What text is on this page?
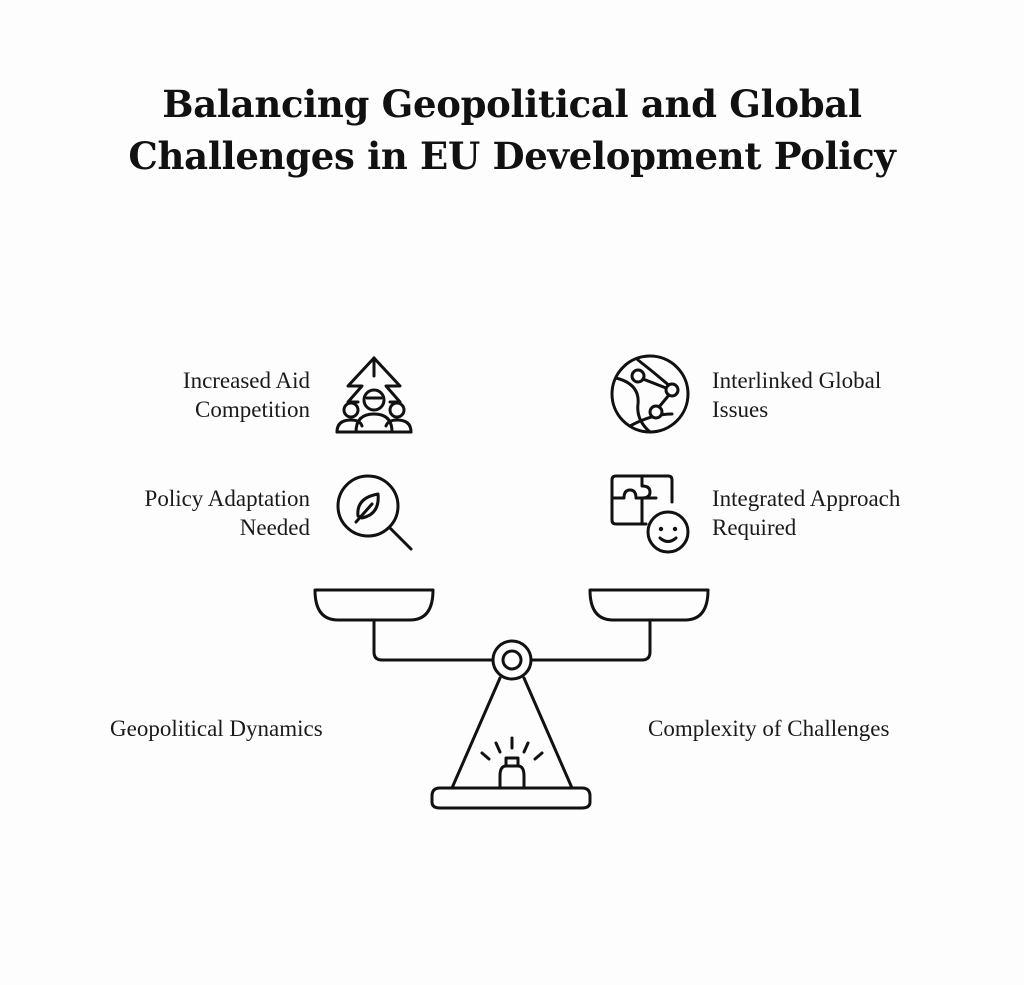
Balancing Geopolitical and Global
Challenges in EU Development Policy
Increased Aid
Competition
Policy Adaptation
Needed
Interlinked Global
Issues
Integrated Approach
Required
Geopolitical Dynamics	Complexity of Challenges
